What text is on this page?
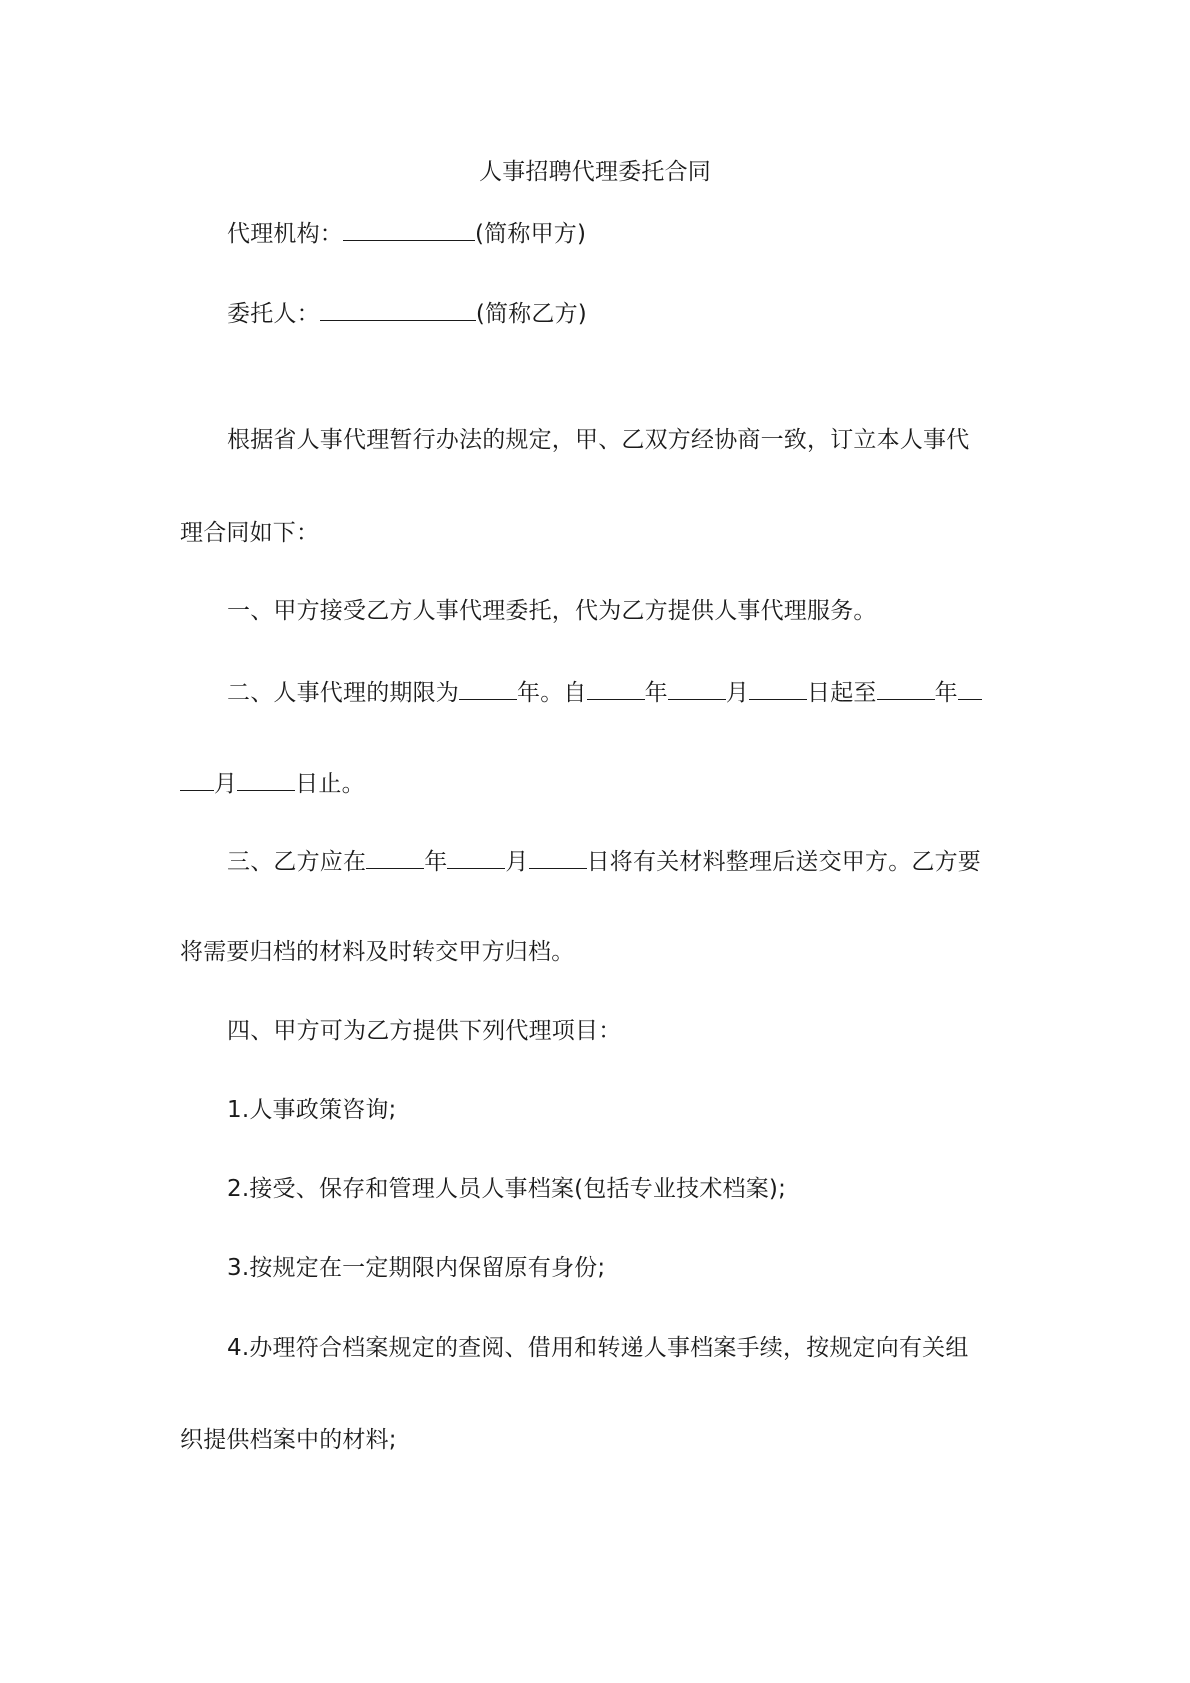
人事招聘代理委托合同
代理机构：	(简称甲方)
委托人：	(简称乙方)
根据省人事代理暂行办法的规定，甲、乙双方经协商一致，订立本人事代
理合同如下：
一、甲方接受乙方人事代理委托，代为乙方提供人事代理服务。
二、人事代理的期限为	年。自	年	月	日起至	年
月	日止。
三、乙方应在	年	月	日将有关材料整理后送交甲方。乙方要
将需要归档的材料及时转交甲方归档。
四、甲方可为乙方提供下列代理项目：
1.人事政策咨询;
2.接受、保存和管理人员人事档案(包括专业技术档案);
3.按规定在一定期限内保留原有身份;
4.办理符合档案规定的查阅、借用和转递人事档案手续，按规定向有关组
织提供档案中的材料;
